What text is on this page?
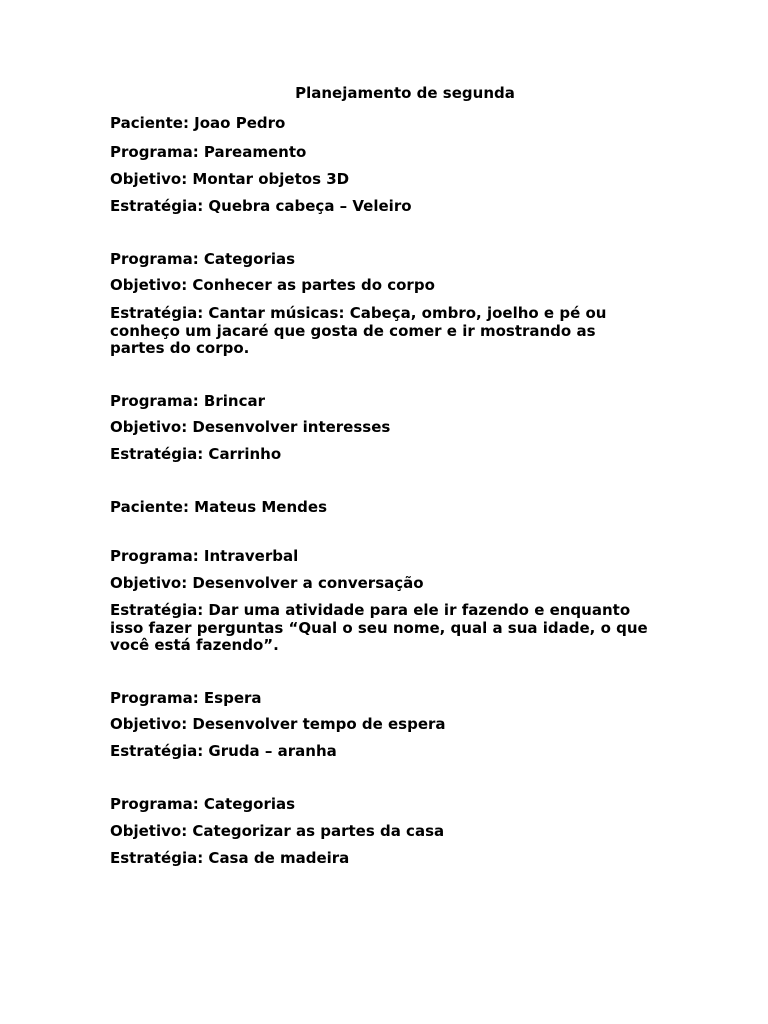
Planejamento de segunda
Paciente: Joao Pedro
Programa: Pareamento
Objetivo: Montar objetos 3D
Estratégia: Quebra cabeça – Veleiro
Programa: Categorias
Objetivo: Conhecer as partes do corpo
Estratégia: Cantar músicas: Cabeça, ombro, joelho e pé ou conheço um jacaré que gosta de comer e ir mostrando as partes do corpo.
Programa: Brincar
Objetivo: Desenvolver interesses
Estratégia: Carrinho
Paciente: Mateus Mendes
Programa: Intraverbal
Objetivo: Desenvolver a conversação
Estratégia: Dar uma atividade para ele ir fazendo e enquanto isso fazer perguntas “Qual o seu nome, qual a sua idade, o que você está fazendo”.
Programa: Espera
Objetivo: Desenvolver tempo de espera
Estratégia: Gruda – aranha
Programa: Categorias
Objetivo: Categorizar as partes da casa
Estratégia: Casa de madeira
